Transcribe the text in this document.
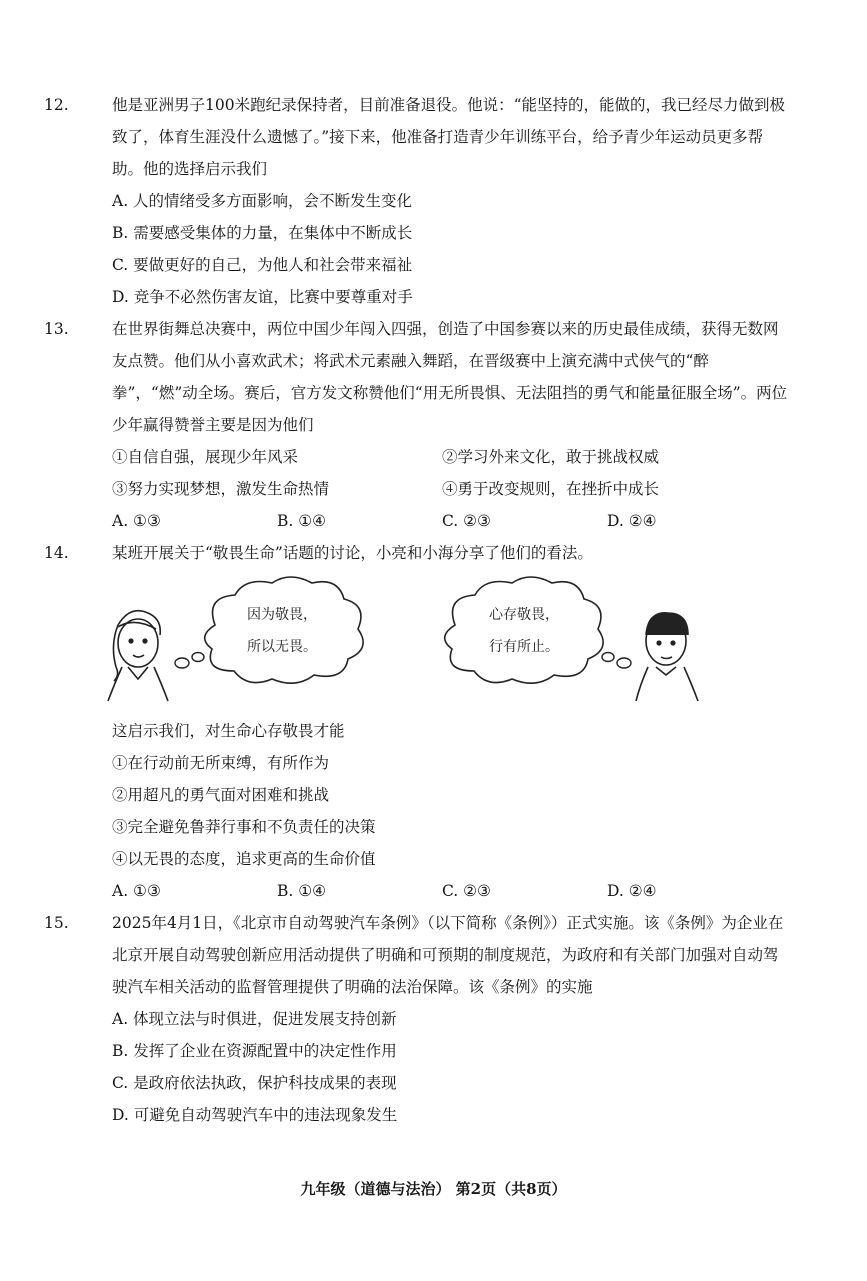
12.	他是亚洲男子100米跑纪录保持者，目前准备退役。他说：“能坚持的，能做的，我已经尽力做到极致了，体育生涯没什么遗憾了。”接下来，他准备打造青少年训练平台，给予青少年运动员更多帮助。他的选择启示我们

A. 人的情绪受多方面影响，会不断发生变化
B. 需要感受集体的力量，在集体中不断成长
C. 要做更好的自己，为他人和社会带来福祉
D. 竞争不必然伤害友谊，比赛中要尊重对手

13.	在世界街舞总决赛中，两位中国少年闯入四强，创造了中国参赛以来的历史最佳成绩，获得无数网友点赞。他们从小喜欢武术；将武术元素融入舞蹈，在晋级赛中上演充满中式侠气的“醉拳”，“燃”动全场。赛后，官方发文称赞他们“用无所畏惧、无法阻挡的勇气和能量征服全场”。两位少年赢得赞誉主要是因为他们

①自信自强，展现少年风采	②学习外来文化，敢于挑战权威
③努力实现梦想，激发生命热情	④勇于改变规则，在挫折中成长
A. ①③	B. ①④	C. ②③	D. ②④

14.	某班开展关于“敬畏生命”话题的讨论，小亮和小海分享了他们的看法。

因为敬畏，
所以无畏。
心存敬畏，
行有所止。
这启示我们，对生命心存敬畏才能
①在行动前无所束缚，有所作为
②用超凡的勇气面对困难和挑战
③完全避免鲁莽行事和不负责任的决策
④以无畏的态度，追求更高的生命价值
A. ①③	B. ①④	C. ②③	D. ②④

15.	2025年4月1日，《北京市自动驾驶汽车条例》（以下简称《条例》）正式实施。该《条例》为企业在北京开展自动驾驶创新应用活动提供了明确和可预期的制度规范，为政府和有关部门加强对自动驾驶汽车相关活动的监督管理提供了明确的法治保障。该《条例》的实施

A. 体现立法与时俱进，促进发展支持创新
B. 发挥了企业在资源配置中的决定性作用
C. 是政府依法执政，保护科技成果的表现
D. 可避免自动驾驶汽车中的违法现象发生
九年级（道德与法治） 第2页（共8页）
